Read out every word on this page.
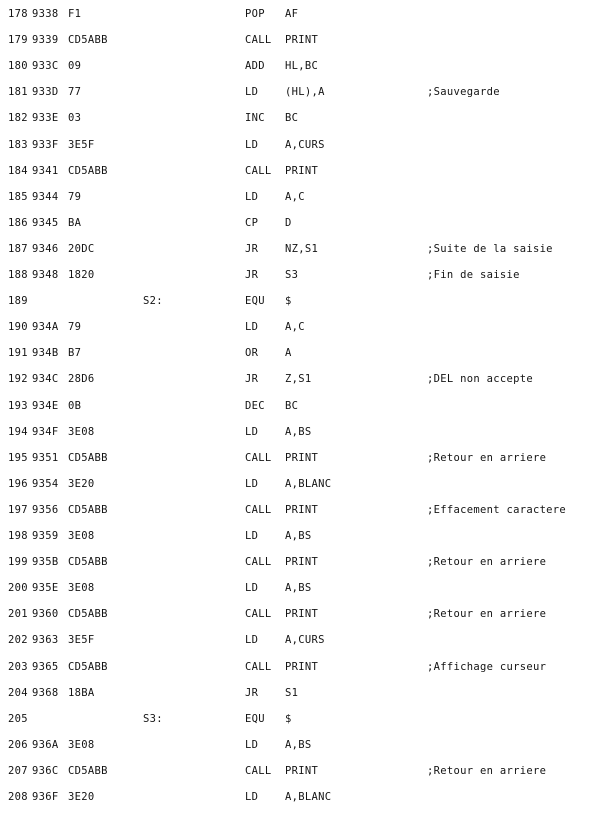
178 9338 F1	POP AF
179 9339 CD5ABB	CALL PRINT
180 933C 09	ADD HL,BC
181 933D 77	LD	(HL),A	;Sauvegarde
182 933E 03	INC BC
183 933F 3E5F	LD	A,CURS
184 9341 CD5ABB	CALL PRINT
185 9344 79	LD	A,C
186 9345 BA	CP	D
187 9346 20DC	JR	NZ,S1	;Suite de la saisie
188 9348 1820	JR	S3	;Fin de saisie
189	S2:	EQU $
190 934A 79	LD	A,C
191 934B B7	OR	A
192 934C 28D6	JR	Z,S1	;DEL non accepte
193 934E 0B	DEC BC
194 934F 3E08	LD	A,BS
195 9351 CD5ABB	CALL PRINT	;Retour en arriere
196 9354 3E20	LD	A,BLANC
197 9356 CD5ABB	CALL PRINT	;Effacement caractere
198 9359 3E08	LD	A,BS
199 935B CD5ABB	CALL PRINT	;Retour en arriere
200 935E 3E08	LD	A,BS
201 9360 CD5ABB	CALL PRINT	;Retour en arriere
202 9363 3E5F	LD	A,CURS
203 9365 CD5ABB	CALL PRINT	;Affichage curseur
204 9368 18BA	JR	S1
205	S3:	EQU $
206 936A 3E08	LD	A,BS
207 936C CD5ABB	CALL PRINT	;Retour en arriere
208 936F 3E20	LD	A,BLANC
